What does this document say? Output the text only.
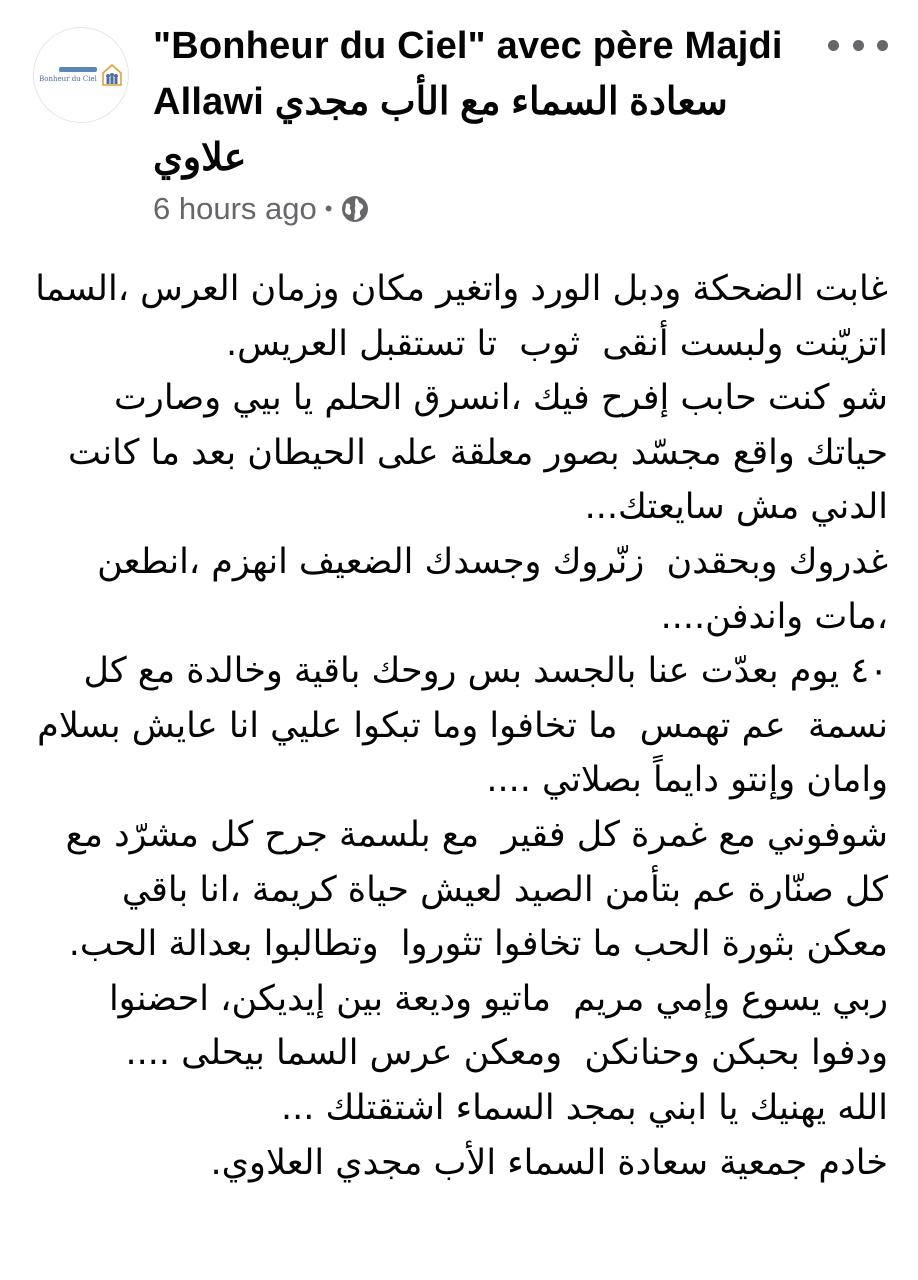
Bonheur du Ciel
"Bonheur du Ciel" avec père Majdi
Allawi سعادة السماء مع الأب مجدي
علاوي
6 hours ago •
غابت الضحكة ودبل الورد واتغير مكان وزمان العرس ،السما اتزيّنت ولبست أنقى  ثوب  تا تستقبل العريس.
شو كنت حابب إفرح فيك ،انسرق الحلم يا بيي وصارت حياتك واقع مجسّد بصور معلقة على الحيطان بعد ما كانت الدني مش سايعتك...
غدروك وبحقدن  زنّروك وجسدك الضعيف انهزم ،انطعن  ،مات واندفن....
٤٠ يوم بعدّت عنا بالجسد بس روحك باقية وخالدة مع كل نسمة  عم تهمس  ما تخافوا وما تبكوا عليي انا عايش بسلام وامان وإنتو دايماً بصلاتي ....
شوفوني مع غمرة كل فقير  مع بلسمة جرح كل مشرّد مع كل صنّارة عم بتأمن الصيد لعيش حياة كريمة ،انا باقي معكن بثورة الحب ما تخافوا تثوروا  وتطالبوا بعدالة الحب.
ربي يسوع وإمي مريم  ماتيو وديعة بين إيديكن، احضنوا ودفوا بحبكن وحنانكن  ومعكن عرس السما بيحلى ....
الله يهنيك يا ابني بمجد السماء اشتقتلك ...
خادم جمعية سعادة السماء الأب مجدي العلاوي.
